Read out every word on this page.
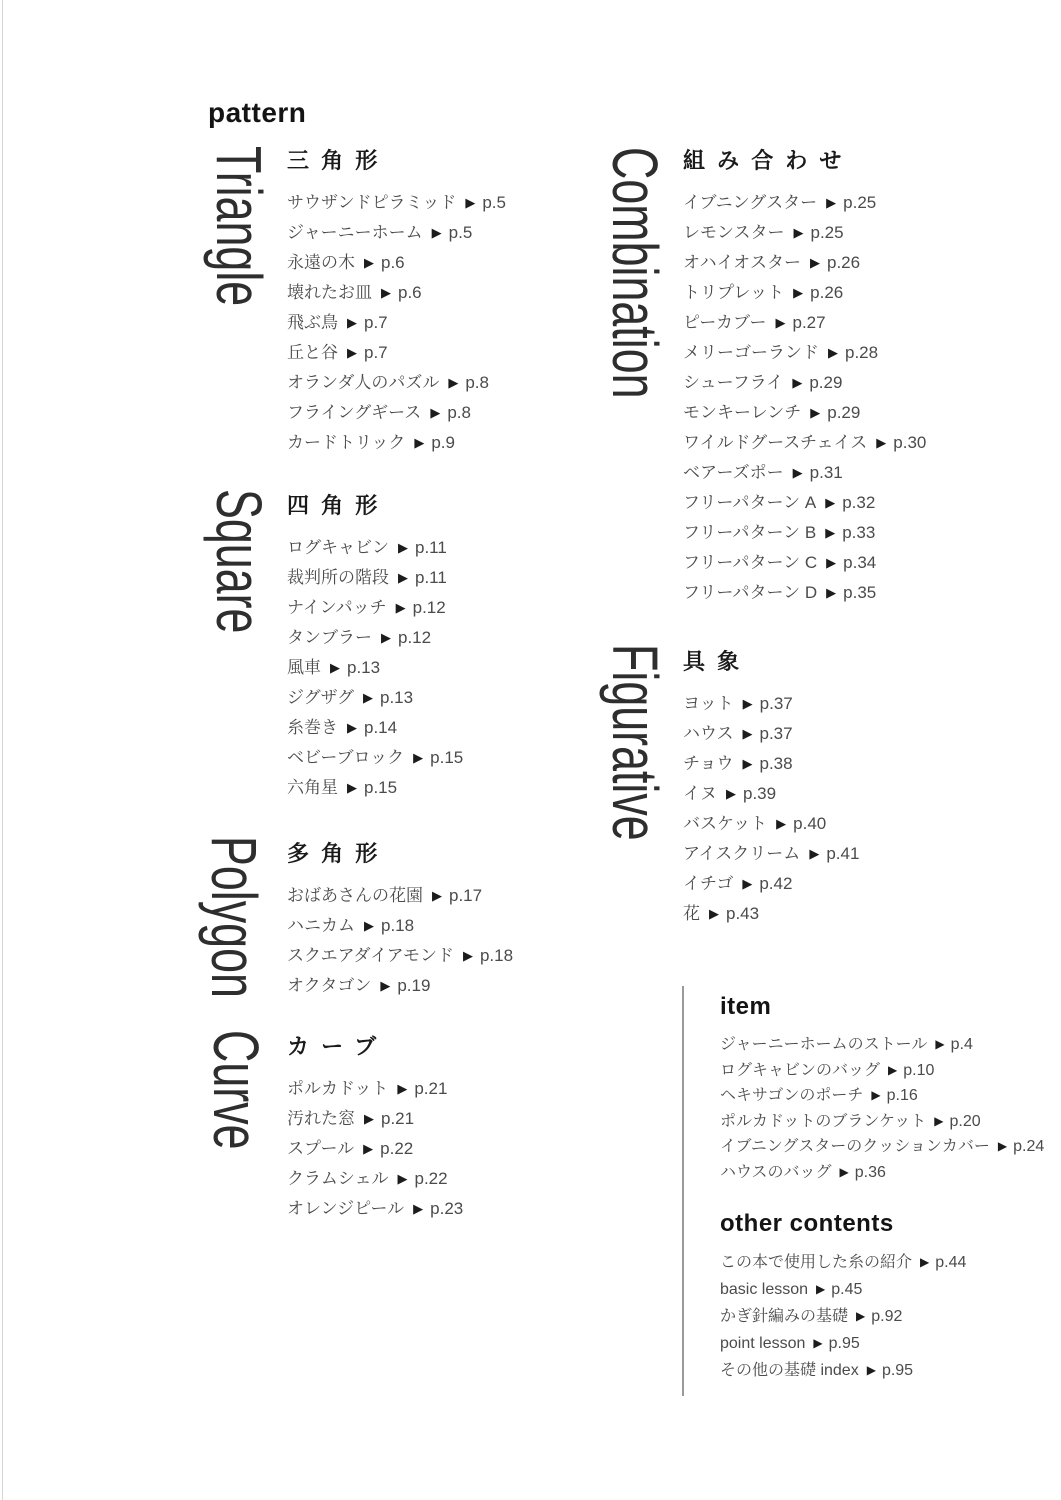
pattern
Triangle
Square
Polygon
Curve
Combination
Figurative
三角形
サウザンドピラミッド ▶ p.5
ジャーニーホーム ▶ p.5
永遠の木 ▶ p.6
壊れたお皿 ▶ p.6
飛ぶ鳥 ▶ p.7
丘と谷 ▶ p.7
オランダ人のパズル ▶ p.8
フライングギース ▶ p.8
カードトリック ▶ p.9
四角形
ログキャビン ▶ p.11
裁判所の階段 ▶ p.11
ナインパッチ ▶ p.12
タンブラー ▶ p.12
風車 ▶ p.13
ジグザグ ▶ p.13
糸巻き ▶ p.14
ベビーブロック ▶ p.15
六角星 ▶ p.15
多角形
おばあさんの花園 ▶ p.17
ハニカム ▶ p.18
スクエアダイアモンド ▶ p.18
オクタゴン ▶ p.19
カーブ
ポルカドット ▶ p.21
汚れた窓 ▶ p.21
スプール ▶ p.22
クラムシェル ▶ p.22
オレンジピール ▶ p.23
組み合わせ
イブニングスター ▶ p.25
レモンスター ▶ p.25
オハイオスター ▶ p.26
トリプレット ▶ p.26
ピーカブー ▶ p.27
メリーゴーランド ▶ p.28
シューフライ ▶ p.29
モンキーレンチ ▶ p.29
ワイルドグースチェイス ▶ p.30
ベアーズポー ▶ p.31
フリーパターン A ▶ p.32
フリーパターン B ▶ p.33
フリーパターン C ▶ p.34
フリーパターン D ▶ p.35
具象
ヨット ▶ p.37
ハウス ▶ p.37
チョウ ▶ p.38
イヌ ▶ p.39
バスケット ▶ p.40
アイスクリーム ▶ p.41
イチゴ ▶ p.42
花 ▶ p.43
item
ジャーニーホームのストール ▶ p.4
ログキャビンのバッグ ▶ p.10
ヘキサゴンのポーチ ▶ p.16
ポルカドットのブランケット ▶ p.20
イブニングスターのクッションカバー ▶ p.24
ハウスのバッグ ▶ p.36
other contents
この本で使用した糸の紹介 ▶ p.44
basic lesson ▶ p.45
かぎ針編みの基礎 ▶ p.92
point lesson ▶ p.95
その他の基礎 index ▶ p.95
